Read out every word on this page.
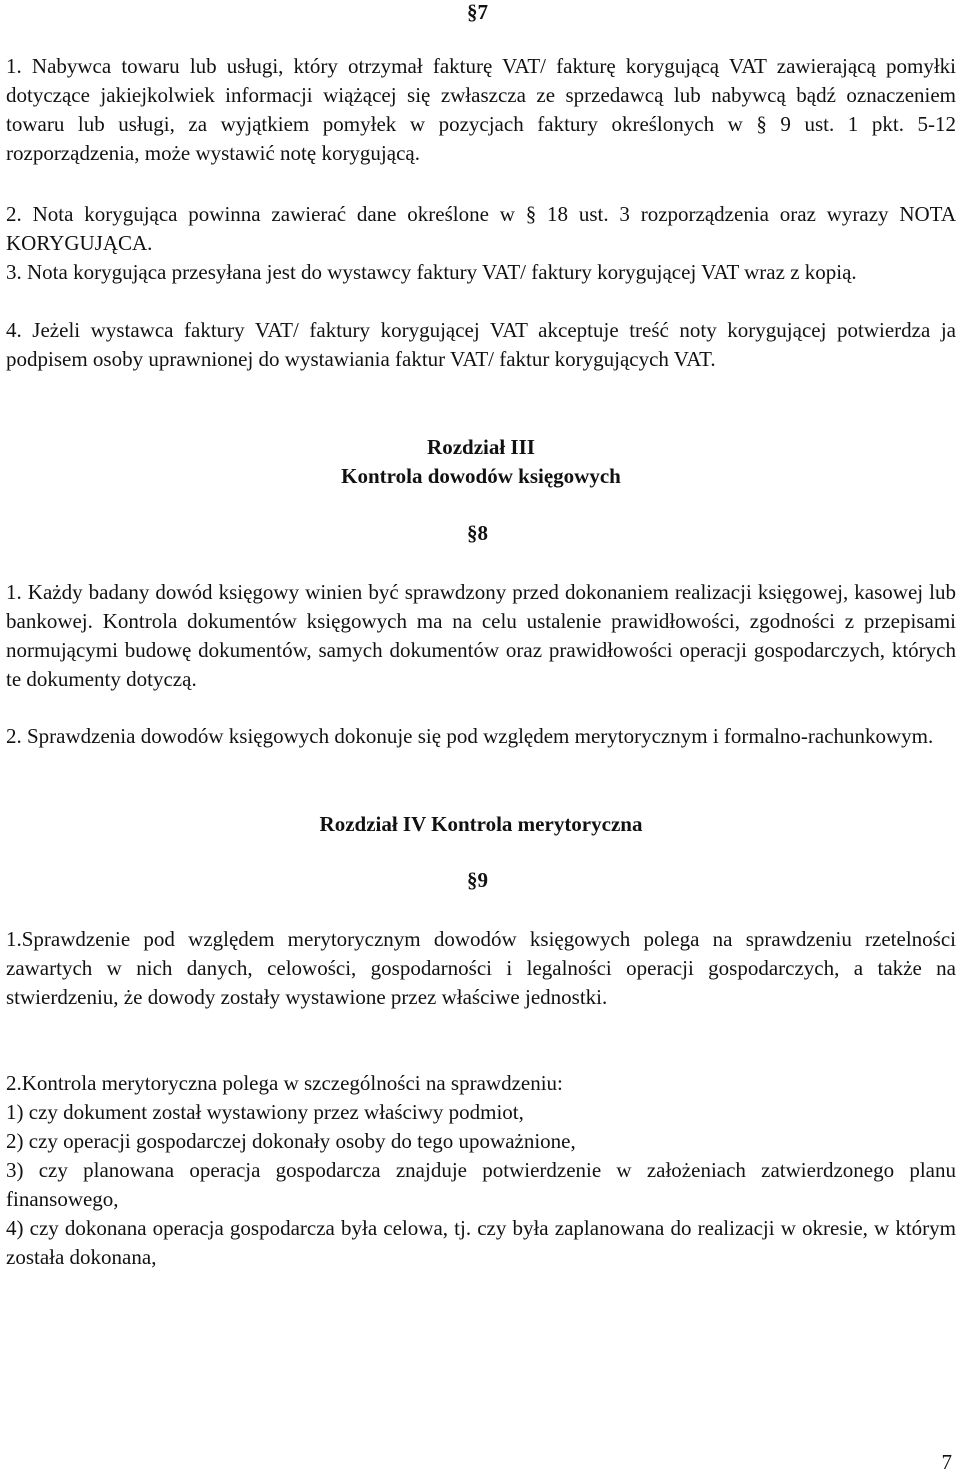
§7

1. Nabywca towaru lub usługi, który otrzymał fakturę VAT/ fakturę korygującą VAT zawierającą pomyłki dotyczące jakiejkolwiek informacji wiążącej się zwłaszcza ze sprzedawcą lub nabywcą bądź oznaczeniem towaru lub usługi, za wyjątkiem pomyłek w pozycjach faktury określonych w § 9 ust. 1 pkt. 5-12 rozporządzenia, może wystawić notę korygującą.

2. Nota korygująca powinna zawierać dane określone w § 18 ust. 3 rozporządzenia oraz wyrazy NOTA KORYGUJĄCA.

3. Nota korygująca przesyłana jest do wystawcy faktury VAT/ faktury korygującej VAT wraz z kopią.

4. Jeżeli wystawca faktury VAT/ faktury korygującej VAT akceptuje treść noty korygującej potwierdza ja podpisem osoby uprawnionej do wystawiania faktur VAT/ faktur korygujących VAT.

Rozdział III

Kontrola dowodów księgowych

§8

1. Każdy badany dowód księgowy winien być sprawdzony przed dokonaniem realizacji księgowej, kasowej lub bankowej. Kontrola dokumentów księgowych ma na celu ustalenie prawidłowości, zgodności z przepisami normującymi budowę dokumentów, samych dokumentów oraz prawidłowości operacji gospodarczych, których te dokumenty dotyczą.

2. Sprawdzenia dowodów księgowych dokonuje się pod względem merytorycznym i formalno-rachunkowym.

Rozdział IV Kontrola merytoryczna

§9

1.Sprawdzenie pod względem merytorycznym dowodów księgowych polega na sprawdzeniu rzetelności zawartych w nich danych, celowości, gospodarności i legalności operacji gospodarczych, a także na stwierdzeniu, że dowody zostały wystawione przez właściwe jednostki.

2.Kontrola merytoryczna polega w szczególności na sprawdzeniu:

1) czy dokument został wystawiony przez właściwy podmiot,

2) czy operacji gospodarczej dokonały osoby do tego upoważnione,

3) czy planowana operacja gospodarcza znajduje potwierdzenie w założeniach zatwierdzonego planu finansowego,

4) czy dokonana operacja gospodarcza była celowa, tj. czy była zaplanowana do realizacji w okresie, w którym została dokonana,

7
